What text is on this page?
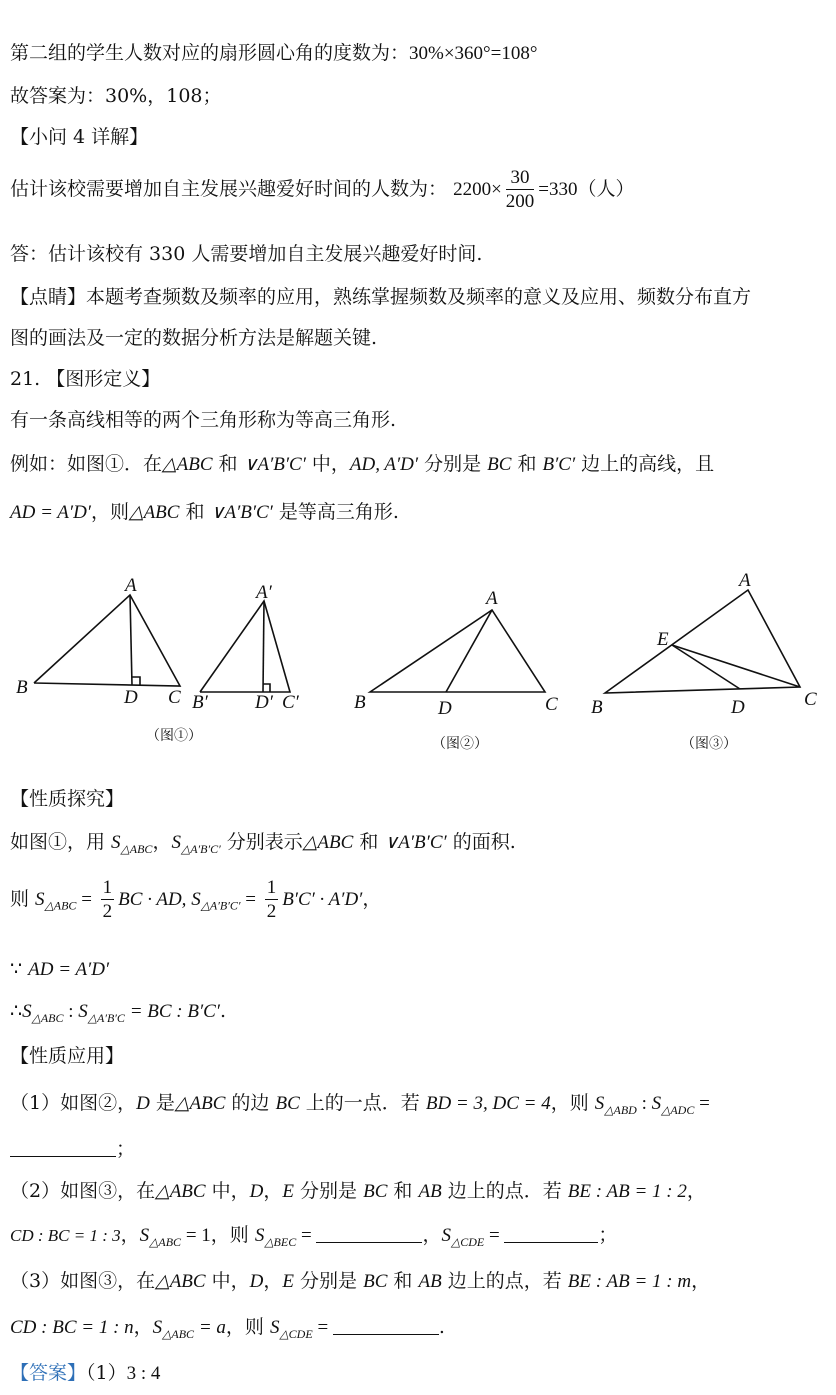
第二组的学生人数对应的扇形圆心角的度数为：30%×360°=108°
故答案为：30%，108；
【小问 4 详解】
估计该校需要增加自主发展兴趣爱好时间的人数为： $2200\times \frac{30}{200} =330$（人）
答：估计该校有 330 人需要增加自主发展兴趣爱好时间.
【点睛】本题考查频数及频率的应用，熟练掌握频数及频率的意义及应用、频数分布直方
图的画法及一定的数据分析方法是解题关键.
21. 【图形定义】
有一条高线相等的两个三角形称为等高三角形.
例如：如图①．在△ABC 和 ∨A′B′C′ 中，AD, A′D′ 分别是 BC 和 B′C′ 边上的高线，且
AD = A′D′，则△ABC 和 ∨A′B′C′ 是等高三角形.
A
B	D C
A′
B′ D′ C′
（图①）
A
B	D	C
（图②）
A
E
B	D	C
（图③）
【性质探究】
如图①，用 $S_{\triangle ABC}$，$S_{\triangle A'B'C'}$ 分别表示△ABC 和 ∨A′B′C′ 的面积.
则 $S_{\triangle ABC} = \frac{1}{2}$ BC · AD, $S_{\triangle A'B'C'} = \frac{1}{2} B'C' \cdot A'D'$，
∵ AD = A′D′
$\therefore S_{\triangle ABC}$ : $S_{\triangle A'B'C}$ = BC : B′C′.
【性质应用】
（1）如图②，D 是△ABC 的边 BC 上的一点．若 BD = 3, DC = 4，则 $S_{\triangle ABD}$ : $S_{\triangle ADC}$ =
；
（2）如图③，在△ABC 中，D，E 分别是 BC 和 AB 边上的点．若 BE : AB = 1 : 2，
CD : BC = 1 : 3，$S_{\triangle ABC} = 1$，则 $S_{\triangle BEC}$ =	，$S_{\triangle CDE}$ =	；
（3）如图③，在△ABC 中，D，E 分别是 BC 和 AB 边上的点，若 BE : AB = 1 : m，
CD : BC = 1 : n，$S_{\triangle ABC} = a$，则 $S_{\triangle CDE}$ =	.
【答案】（1）3 : 4
